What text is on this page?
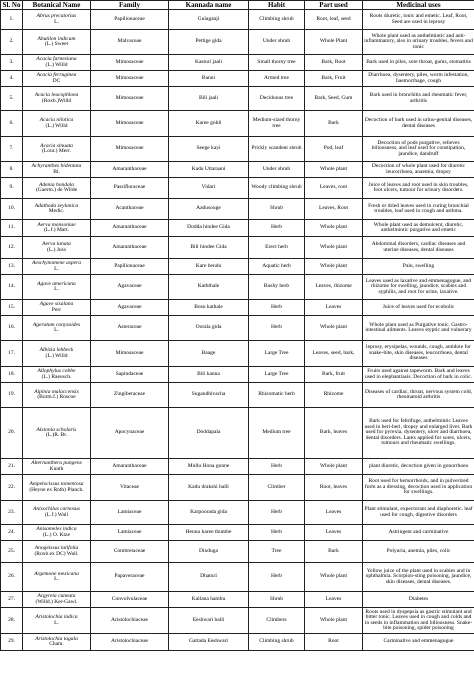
Sl. No	Botanical Name	Family	Kannada name	Habit	Part used	Medicinal uses
1.	Abrus precatorius
L.	Papilionaceae	Gulaganji	Climbing shrub	Root, leaf, seed	Roots diuretic, tonic and emetic. Leaf, Root, Seed are used in leprosy
2.	Abutilon indicum
(L.) Sweet	Malvaceae	Pettige gida	Under shrub	Whole Plant	Whole plant used as anthelmintic and anti-inflammatory, also in urinary troubles, fevers and tonic
3.	Acacia farnesiana
(L.) Willd	Mimosaceae	Kasturi jaali	Small thorny tree	Bark, Root	Bark used in piles, sore throat, gums, stomatitis
4.	Acacia ferruginea
DC	Mimosaceae	Banni	Armed tree	Bark, Fruit	Diarrhoea, dysentery, piles, worm infestation, haemorrhage, cough
5.	Acacia leucophloea
(Roxb.)Willd	Mimosaceae	Bili jaali	Deciduous tree	Bark, Seed, Gum	Bark used in bronchitis and rheumatic fever, arthritis
6.	Acacia nilotica
(L.) Willd	Mimosaceae	Karee gobli	Medium-sized thorny tree	Bark	Decoction of bark used in urino-genital diseases, dental diseases
7.	Acacia sinuata
(Lour.) Merr.	Mimosaceae	Seege kayi	Prickly scandent shrub	Pod, leaf	Decoction of pods purgative, relieves biliousness, and leaf used for constipation, jaundice, dandruff
8.	Achyranthes bidentata
Bl.	Amaranthaceae	Kadu Uttaraani	Under shrub	Whole plant	Decoction of whole plant used for diuretic leucorrhoea, anaemia, dropsy
9.	Adenia hondala
(Gaertn.) de Wilde	Passifloraceae	Vidari	Woody climbing shrub	Leaves, root	Juice of leaves and root used in skin troubles, foot ulcers, tumour for urinary disorders.
10.	Adathoda zeylanica
Medic.	Acanthaceae	Aadusouge	Shrub	Leaves, Root	Fresh or dried leaves used in curing bronchial troubles, leaf used in cough and asthma.
11.	Aerva monsoniae
(L.f.) Mart.	Amaranthaceae	Dodda hindee Gida	Herb	Whole plant	Whole plant used as demulcent, diuretic, anthelmintic purgative and emetic
12.	Aerva lanata
(L.) Juss	Amaranthaceae	Bili hindee Gida	Erect herb	Whole plant	Abdominal disorders, cardiac diseases and uterine diseases, dental diseases
13.	Aeschynomene aspera
L.	Papilionaceae	Kare bendu	Aquatic herb	Whole plant	Pain, swelling
14.	Agave americana
L.	Agavaceae	Kaththale	Bushy herb	Leaves, rhizome	Leaves used as laxative and emmenagogue, and rhizome for swelling, jaundice, scabies and syphilis, and root for urine, laxative.
15.	Agave sisalana
Perr	Agavaceae	Bosu kathale	Herb	Leaves	Juice of leaves used for ecobolic
16.	Ageratum conyzoides
L.	Asteraceae	Oorala gida	Herb	Whole plant	Whole plant used as Purgative tonic. Gastro-intestinal ailments. Leaves styptic and vulnerary
17.	Albizia lebbeck
(L.) Willd	Mimosaceae	Baage	Large Tree	Leaves, seed, bark,	leprosy, erysipelas, wounds, cough, antidote for snake-bite, skin diseases, leucorrhoea, dental diseases
18.	Allophylus cobbe
(L.) Raeusch.	Sapindaceae	Bili kanna	Large Tree	Bark, fruit	Fruits used against tapeworm. Bark and leaves used in elephantiasis. Decoction of bark in colic.
19.	Alpinia malaccensis
(Burm.f.) Roscoe	Zingiberaceae	Sugandhivacha	Rhizomatic herb	Rhizome	Diseases of cardiac, throat, nervous system cold, rheumatoid arthritis
20.	Alstonia scholaris
(L.)R. Br.	Apocynaceae	Doddapala	Medium tree	Bark, leaves	Bark used for febrifuge, anthelmintic Leaves used in beri-beri, dropsy and enlarged liver. Bark used for pyrexia, dysentery, ulcer and diarrhoea, dental disorders. Latex applied for sores, ulcers, tumours and rheumatic swellings.
21.	Alternanthera pungens
Kunth	Amaranthaceae	Mullu Hona gonne	Herb	Whole plant	plant diuretic, decoction given in gonorrhoea
22.	Ampelocissus tomentosa
(Heyne ex Roth) Planch.	Vitaceae	Kadu drakshi balli	Climber	Root, leaves	Root used for hemorrhoids, and in pulverized form as a dressing, decoction used in application for swellings.
23.	Anisochilus carnosus
(L.f.) Wall	Lamiaceae	Karpoorada gida	Herb	Leaves	Plant stimulant, expectorant and diaphoretic. leaf used for cough, digestive disorders
24.	Anisomeles indica
(L.) O. Ktze	Lamiaceae	Hennu karee thumbe	Herb	Leaves	Astringent and carminative
25.	Anogeissus latifolia
(Roxb.ex DC) Wall.	Combretaceae	Dinduga	Tree	Bark	Polyuria, anemia, piles, colic
26.	Argemone mexicana
L.	Papaveraceae	Dhaturi	Herb	Whole plant	Yellow juice of the plant used in scabies and in ophthalmia. Scorpion-sting poisoning, jaundice, skin diseases, dental diseases.
27.	Argyreia cuneata
(Willd.) Ker-Gawl.	Convolvulaceae	Kallana hambu	Shrub	Leaves	Diabetes
28.	Aristolochia indica
L.	Aristolochiaceae	Eeshwari balli	Climbers	Whole plant	Roots used in dyspepsia as gastric stimulant and bitter tonic. Leaves used in cough and colds and in seeds in inflammation and biliousness. Snake-bite poisoning, spider poisoning
29.	Aristolochia tagala
Cham.	Aristolochiaceae	Gattada Eeshwari	Climbing shrub	Root	Carminative and emmenagogue
